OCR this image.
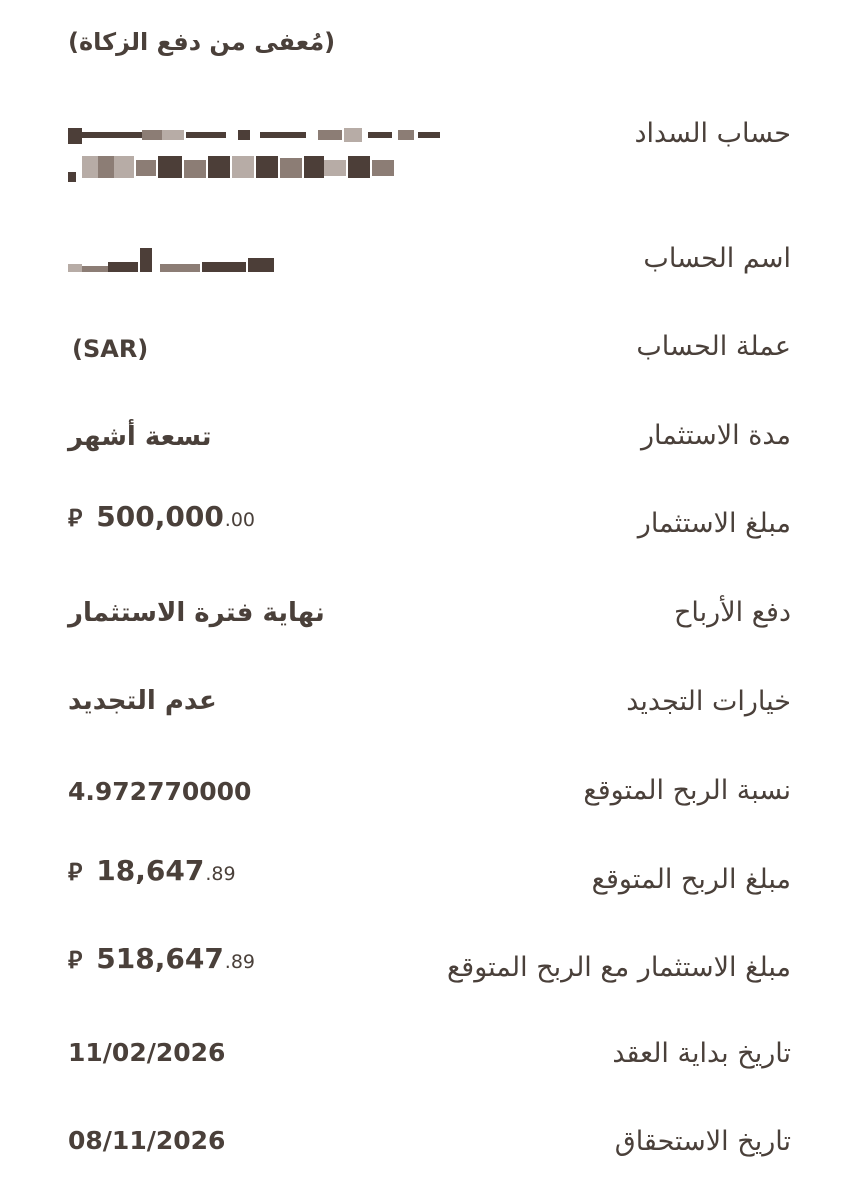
(مُعفى من دفع الزكاة)
حساب السداد
اسم الحساب
عملة الحساب
(SAR)
مدة الاستثمار
تسعة أشهر
مبلغ الاستثمار
⃁ 500,000 .00
دفع الأرباح
نهاية فترة الاستثمار
خيارات التجديد
عدم التجديد
نسبة الربح المتوقع
4.972770000
مبلغ الربح المتوقع
⃁ 18,647 .89
مبلغ الاستثمار مع الربح المتوقع
⃁ 518,647 .89
تاريخ بداية العقد
11/02/2026
تاريخ الاستحقاق
08/11/2026
